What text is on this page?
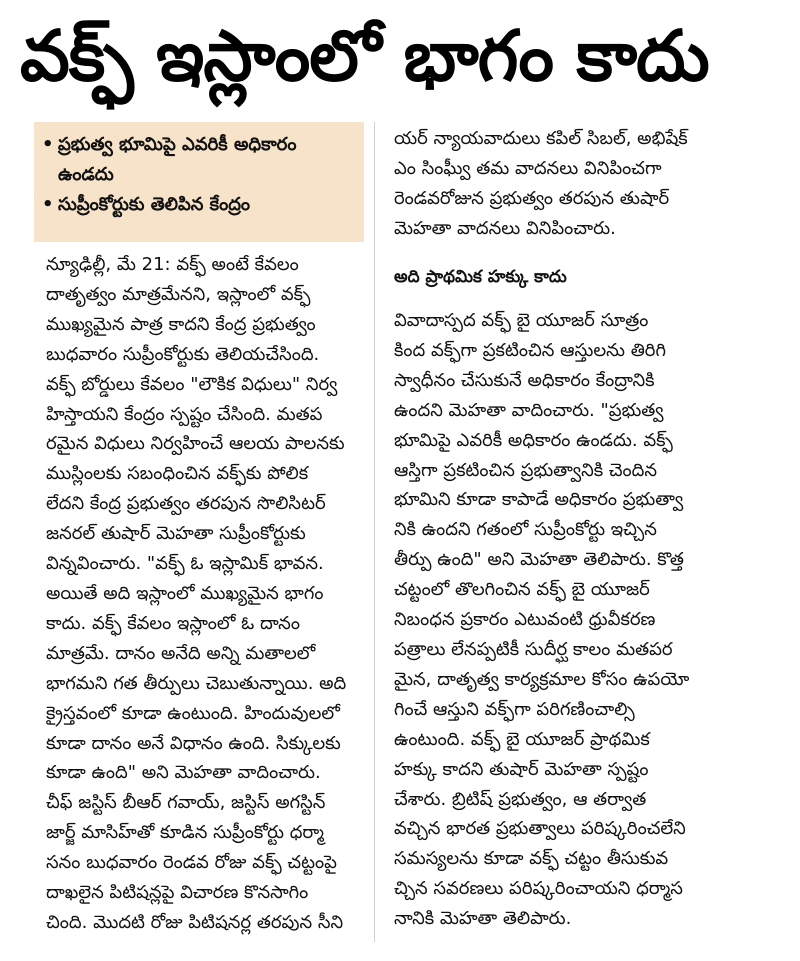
వక్ఫ్ ఇస్లాంలో భాగం కాదు
• ప్రభుత్వ భూమిపై ఎవరికీ అధికారం ఉండదు
• సుప్రీంకోర్టుకు తెలిపిన కేంద్రం
న్యూఢిల్లీ, మే 21: వక్ఫ్ అంటే కేవలం
దాతృత్వం మాత్రమేనని, ఇస్లాంలో వక్ఫ్
ముఖ్యమైన పాత్ర కాదని కేంద్ర ప్రభుత్వం
బుధవారం సుప్రీంకోర్టుకు తెలియచేసింది.
వక్ఫ్ బోర్డులు కేవలం "లౌకిక విధులు" నిర్వ
హిస్తాయని కేంద్రం స్పష్టం చేసింది. మతప
రమైన విధులు నిర్వహించే ఆలయ పాలనకు
ముస్లింలకు సబంధించిన వక్ఫ్‌కు పోలిక
లేదని కేంద్ర ప్రభుత్వం తరపున సొలిసిటర్
జనరల్ తుషార్ మెహతా సుప్రీంకోర్టుకు
విన్నవించారు. "వక్ఫ్ ఓ ఇస్లామిక్ భావన.
అయితే అది ఇస్లాంలో ముఖ్యమైన భాగం
కాదు. వక్ఫ్ కేవలం ఇస్లాంలో ఓ దానం
మాత్రమే. దానం అనేది అన్ని మతాలలో
భాగమని గత తీర్పులు చెబుతున్నాయి. అది
క్రైస్తవంలో కూడా ఉంటుంది. హిందువులలో
కూడా దానం అనే విధానం ఉంది. సిక్కులకు
కూడా ఉంది" అని మెహతా వాదించారు.
చీఫ్ జస్టిస్ బీఆర్ గవాయ్, జస్టిస్ అగస్టిన్
జార్జ్ మాసిహ్‌తో కూడిన సుప్రీంకోర్టు ధర్మా
సనం బుధవారం రెండవ రోజు వక్ఫ్ చట్టంపై
దాఖలైన పిటిషన్లపై విచారణ కొనసాగిం
చింది. మొదటి రోజు పిటిషనర్ల తరపున సీని
యర్ న్యాయవాదులు కపిల్ సిబల్, అభిషేక్
ఎం సింఘ్వీ తమ వాదనలు వినిపించగా
రెండవరోజున ప్రభుత్వం తరపున తుషార్
మెహతా వాదనలు వినిపించారు.
అది ప్రాథమిక హక్కు కాదు
వివాదాస్పద వక్ఫ్ బై యూజర్ సూత్రం
కింద వక్ఫ్‌గా ప్రకటించిన ఆస్తులను తిరిగి
స్వాధీనం చేసుకునే అధికారం కేంద్రానికి
ఉందని మెహతా వాదించారు. "ప్రభుత్వ
భూమిపై ఎవరికీ అధికారం ఉండదు. వక్ఫ్
ఆస్తిగా ప్రకటించిన ప్రభుత్వానికి చెందిన
భూమిని కూడా కాపాడే అధికారం ప్రభుత్వా
నికి ఉందని గతంలో సుప్రీంకోర్టు ఇచ్చిన
తీర్పు ఉంది" అని మెహతా తెలిపారు. కొత్త
చట్టంలో తొలగించిన వక్ఫ్ బై యూజర్
నిబంధన ప్రకారం ఎటువంటి ధ్రువీకరణ
పత్రాలు లేనప్పటికీ సుదీర్ఘ కాలం మతపర
మైన, దాతృత్వ కార్యక్రమాల కోసం ఉపయో
గించే ఆస్తుని వక్ఫ్‌గా పరిగణించాల్సి
ఉంటుంది. వక్ఫ్ బై యూజర్ ప్రాథమిక
హక్కు కాదని తుషార్ మెహతా స్పష్టం
చేశారు. బ్రిటిష్ ప్రభుత్వం, ఆ తర్వాత
వచ్చిన భారత ప్రభుత్వాలు పరిష్కరించలేని
సమస్యలను కూడా వక్ఫ్ చట్టం తీసుకువ
చ్చిన సవరణలు పరిష్కరించాయని ధర్మాస
నానికి మెహతా తెలిపారు.
